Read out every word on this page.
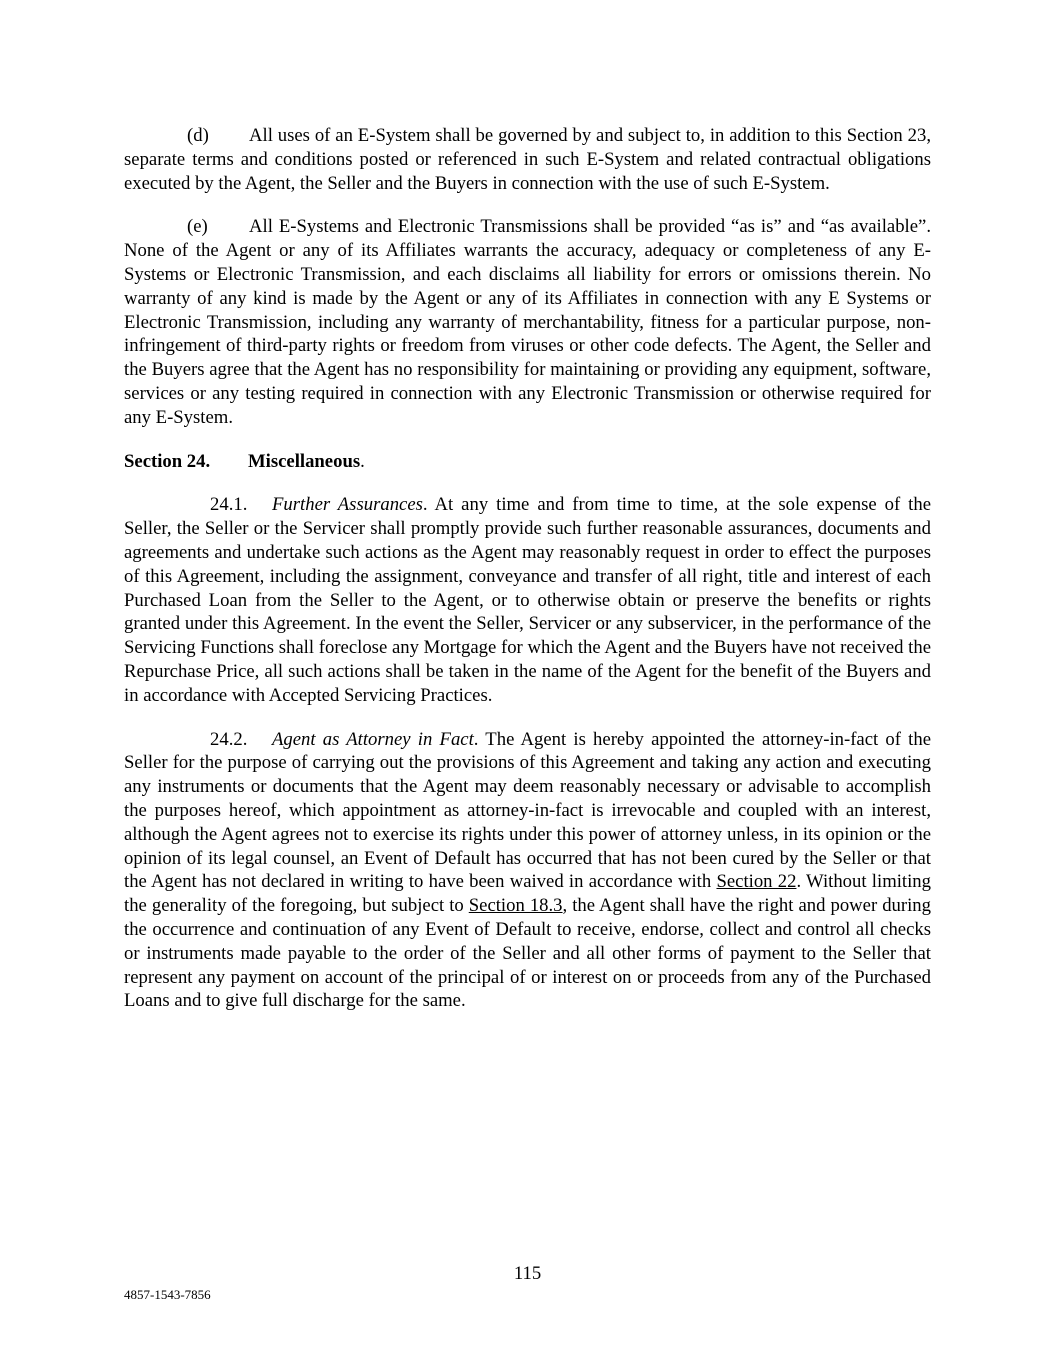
(d) All uses of an E-System shall be governed by and subject to, in addition to this Section 23, separate terms and conditions posted or referenced in such E-System and related contractual obligations executed by the Agent, the Seller and the Buyers in connection with the use of such E-System.

(e) All E-Systems and Electronic Transmissions shall be provided “as is” and “as available”. None of the Agent or any of its Affiliates warrants the accuracy, adequacy or completeness of any E-Systems or Electronic Transmission, and each disclaims all liability for errors or omissions therein. No warranty of any kind is made by the Agent or any of its Affiliates in connection with any E Systems or Electronic Transmission, including any warranty of merchantability, fitness for a particular purpose, non-infringement of third-party rights or freedom from viruses or other code defects. The Agent, the Seller and the Buyers agree that the Agent has no responsibility for maintaining or providing any equipment, software, services or any testing required in connection with any Electronic Transmission or otherwise required for any E-System.

Section 24. Miscellaneous.

24.1. Further Assurances. At any time and from time to time, at the sole expense of the Seller, the Seller or the Servicer shall promptly provide such further reasonable assurances, documents and agreements and undertake such actions as the Agent may reasonably request in order to effect the purposes of this Agreement, including the assignment, conveyance and transfer of all right, title and interest of each Purchased Loan from the Seller to the Agent, or to otherwise obtain or preserve the benefits or rights granted under this Agreement. In the event the Seller, Servicer or any subservicer, in the performance of the Servicing Functions shall foreclose any Mortgage for which the Agent and the Buyers have not received the Repurchase Price, all such actions shall be taken in the name of the Agent for the benefit of the Buyers and in accordance with Accepted Servicing Practices.

24.2. Agent as Attorney in Fact. The Agent is hereby appointed the attorney-in-fact of the Seller for the purpose of carrying out the provisions of this Agreement and taking any action and executing any instruments or documents that the Agent may deem reasonably necessary or advisable to accomplish the purposes hereof, which appointment as attorney-in-fact is irrevocable and coupled with an interest, although the Agent agrees not to exercise its rights under this power of attorney unless, in its opinion or the opinion of its legal counsel, an Event of Default has occurred that has not been cured by the Seller or that the Agent has not declared in writing to have been waived in accordance with Section 22. Without limiting the generality of the foregoing, but subject to Section 18.3, the Agent shall have the right and power during the occurrence and continuation of any Event of Default to receive, endorse, collect and control all checks or instruments made payable to the order of the Seller and all other forms of payment to the Seller that represent any payment on account of the principal of or interest on or proceeds from any of the Purchased Loans and to give full discharge for the same.

115
4857-1543-7856
